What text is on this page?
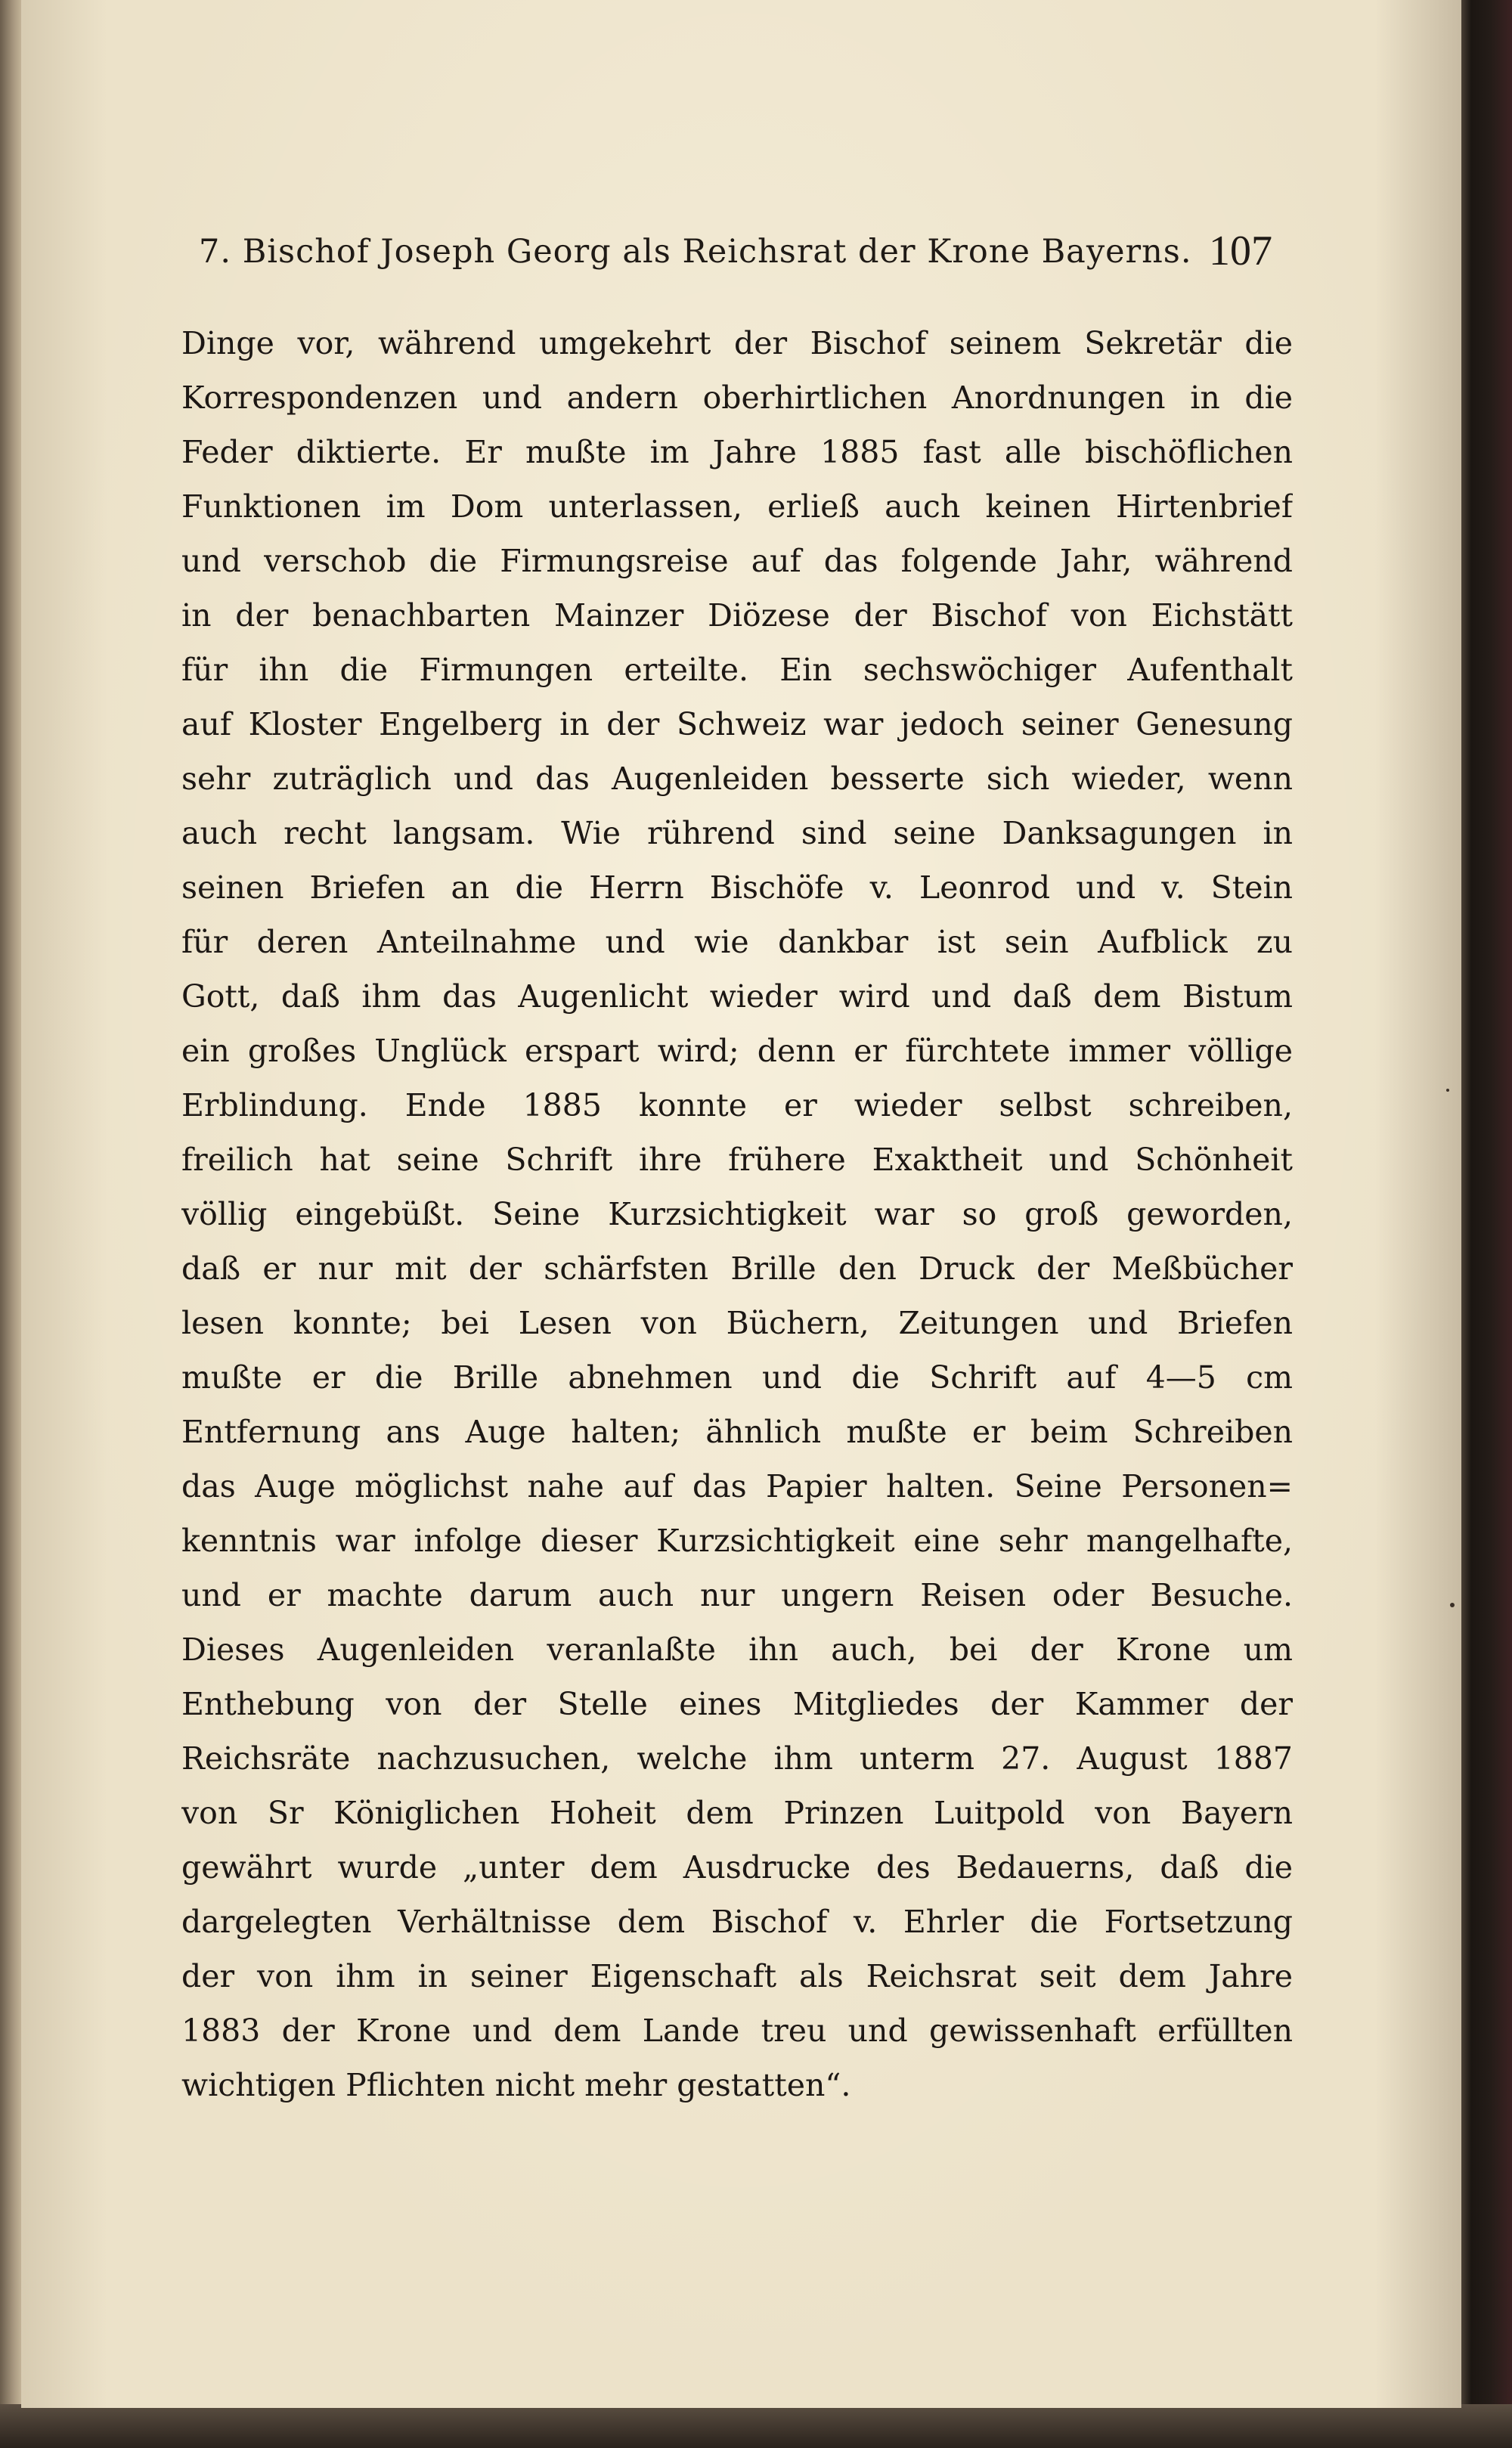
7. Bischof Joseph Georg als Reichsrat der Krone Bayerns. 107
Dinge vor, während umgekehrt der Bischof seinem Sekretär die
Korrespondenzen und andern oberhirtlichen Anordnungen in die
Feder diktierte. Er mußte im Jahre 1885 fast alle bischöflichen
Funktionen im Dom unterlassen, erließ auch keinen Hirtenbrief
und verschob die Firmungsreise auf das folgende Jahr, während
in der benachbarten Mainzer Diözese der Bischof von Eichstätt
für ihn die Firmungen erteilte. Ein sechswöchiger Aufenthalt
auf Kloster Engelberg in der Schweiz war jedoch seiner Genesung
sehr zuträglich und das Augenleiden besserte sich wieder, wenn
auch recht langsam. Wie rührend sind seine Danksagungen in
seinen Briefen an die Herrn Bischöfe v. Leonrod und v. Stein
für deren Anteilnahme und wie dankbar ist sein Aufblick zu
Gott, daß ihm das Augenlicht wieder wird und daß dem Bistum
ein großes Unglück erspart wird; denn er fürchtete immer völlige
Erblindung. Ende 1885 konnte er wieder selbst schreiben,
freilich hat seine Schrift ihre frühere Exaktheit und Schönheit
völlig eingebüßt. Seine Kurzsichtigkeit war so groß geworden,
daß er nur mit der schärfsten Brille den Druck der Meßbücher
lesen konnte; bei Lesen von Büchern, Zeitungen und Briefen
mußte er die Brille abnehmen und die Schrift auf 4—5 cm
Entfernung ans Auge halten; ähnlich mußte er beim Schreiben
das Auge möglichst nahe auf das Papier halten. Seine Personen=
kenntnis war infolge dieser Kurzsichtigkeit eine sehr mangelhafte,
und er machte darum auch nur ungern Reisen oder Besuche.
Dieses Augenleiden veranlaßte ihn auch, bei der Krone um
Enthebung von der Stelle eines Mitgliedes der Kammer der
Reichsräte nachzusuchen, welche ihm unterm 27. August 1887
von Sr Königlichen Hoheit dem Prinzen Luitpold von Bayern
gewährt wurde „unter dem Ausdrucke des Bedauerns, daß die
dargelegten Verhältnisse dem Bischof v. Ehrler die Fortsetzung
der von ihm in seiner Eigenschaft als Reichsrat seit dem Jahre
1883 der Krone und dem Lande treu und gewissenhaft erfüllten
wichtigen Pflichten nicht mehr gestatten“.
